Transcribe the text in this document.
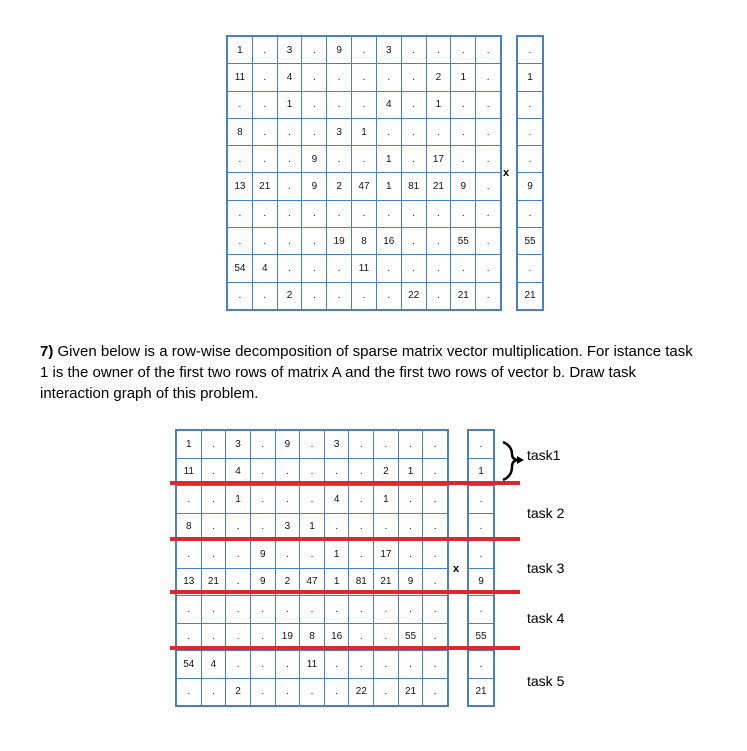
1	.	3	.	9	.	3	.	.	.	.
11	.	4	.	.	.	.	.	2	1	.
.	.	1	.	.	.	4	.	1	.	.
8	.	.	.	3	1	.	.	.	.	.
.	.	.	9	.	.	1	.	17	.	.
13	21	.	9	2	47	1	81	21	9	.
.	.	.	.	.	.	.	.	.	.	.
.	.	.	.	19	8	16	.	.	55	.
54	4	.	.	.	11	.	.	.	.	.
.	.	2	.	.	.	.	22	.	21	.
x
.
1
.
.
.
9
.
55
.
21

7) Given below is a row-wise decomposition of sparse matrix vector multiplication. For istance task 1 is the owner of the first two rows of matrix A and the first two rows of vector b. Draw task interaction graph of this problem.

1	.	3	.	9	.	3	.	.	.	.
11	.	4	.	.	.	.	.	2	1	.
.	.	1	.	.	.	4	.	1	.	.
8	.	.	.	3	1	.	.	.	.	.
.	.	.	9	.	.	1	.	17	.	.
13	21	.	9	2	47	1	81	21	9	.
.	.	.	.	.	.	.	.	.	.	.
.	.	.	.	19	8	16	.	.	55	.
54	4	.	.	.	11	.	.	.	.	.
.	.	2	.	.	.	.	22	.	21	.
x
.
1
.
.
.
9
.
55
.
21
task1
task 2
task 3
task 4
task 5
